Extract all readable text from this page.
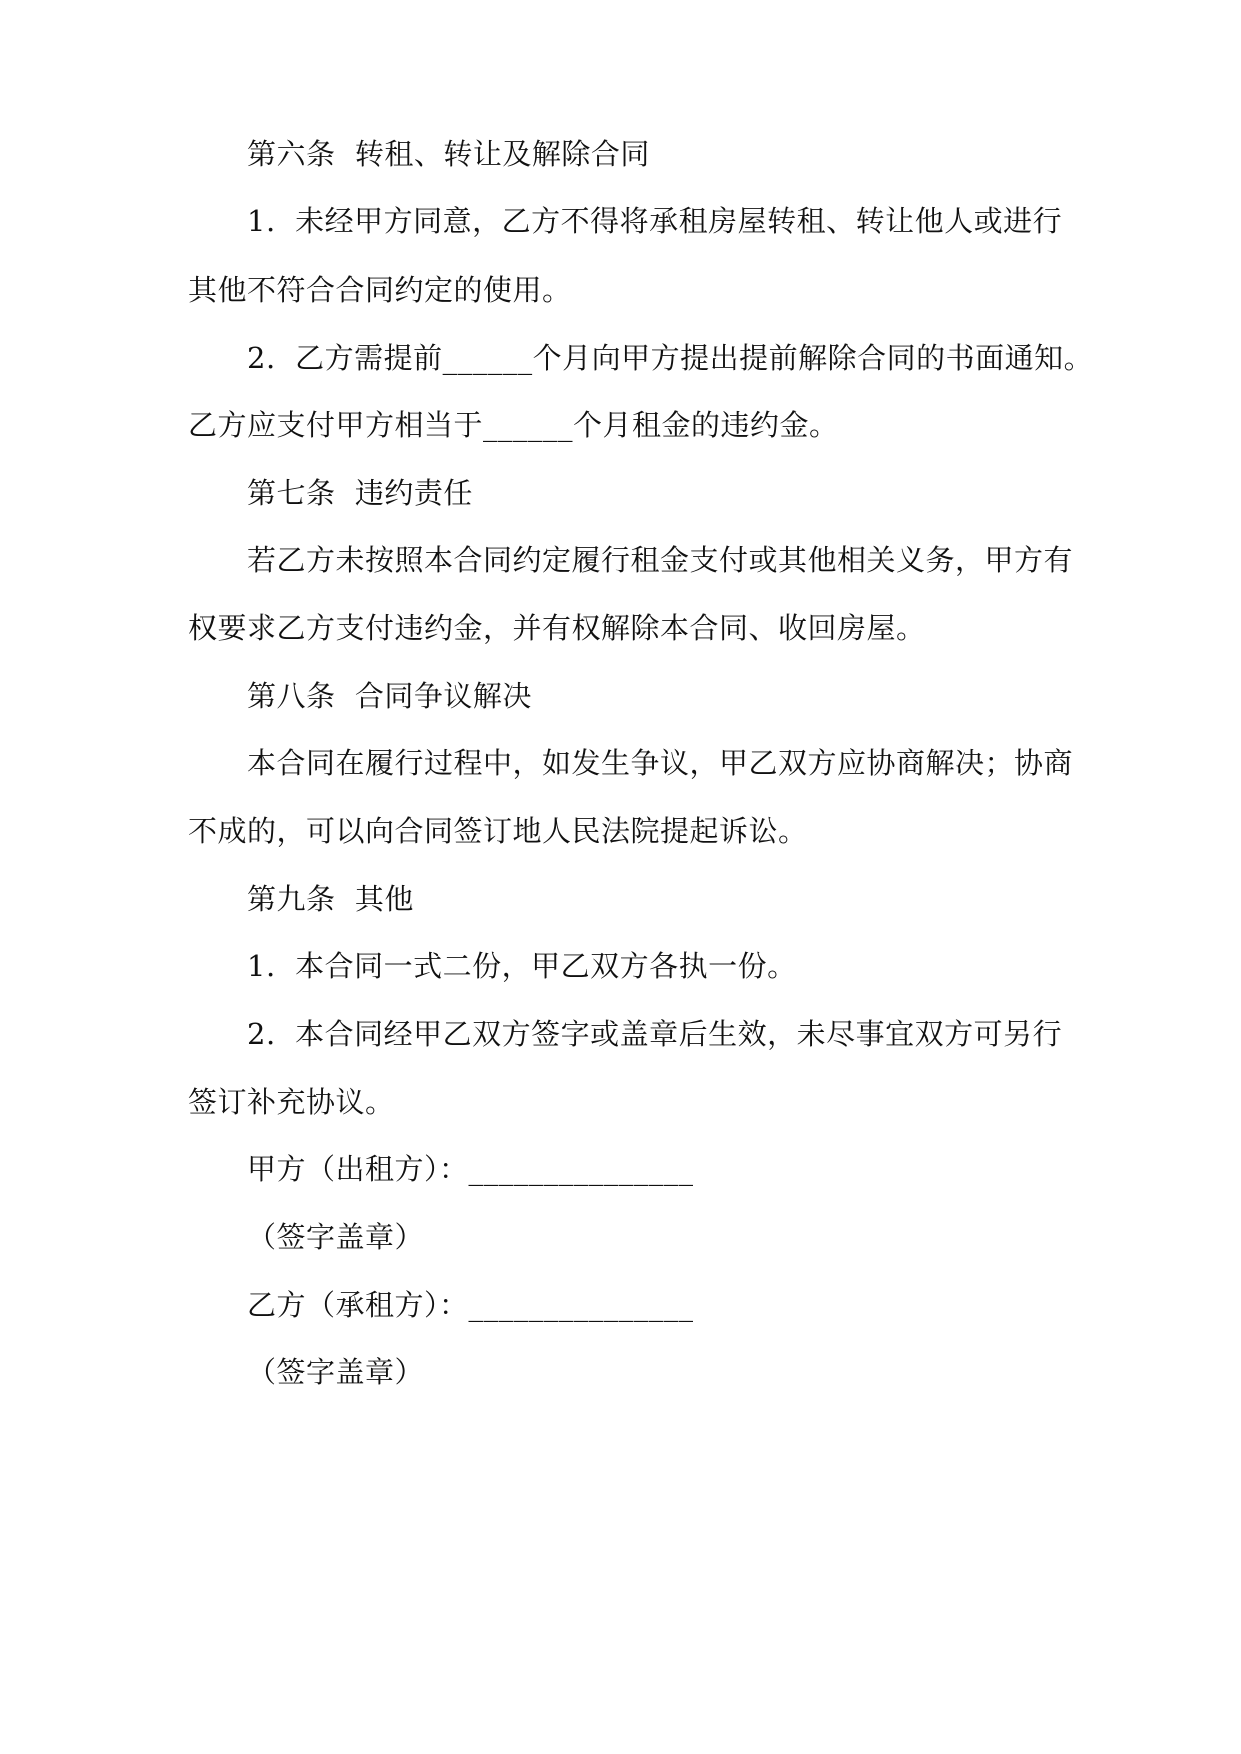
第六条  转租、转让及解除合同
1.  未经甲方同意，乙方不得将承租房屋转租、转让他人或进行
其他不符合合同约定的使用。
2.  乙方需提前______个月向甲方提出提前解除合同的书面通知。
乙方应支付甲方相当于______个月租金的违约金。
第七条  违约责任
若乙方未按照本合同约定履行租金支付或其他相关义务，甲方有
权要求乙方支付违约金，并有权解除本合同、收回房屋。
第八条  合同争议解决
本合同在履行过程中，如发生争议，甲乙双方应协商解决；协商
不成的，可以向合同签订地人民法院提起诉讼。
第九条  其他
1.  本合同一式二份，甲乙双方各执一份。
2.  本合同经甲乙双方签字或盖章后生效，未尽事宜双方可另行
签订补充协议。
甲方（出租方）：_______________
（签字盖章）
乙方（承租方）：_______________
（签字盖章）
